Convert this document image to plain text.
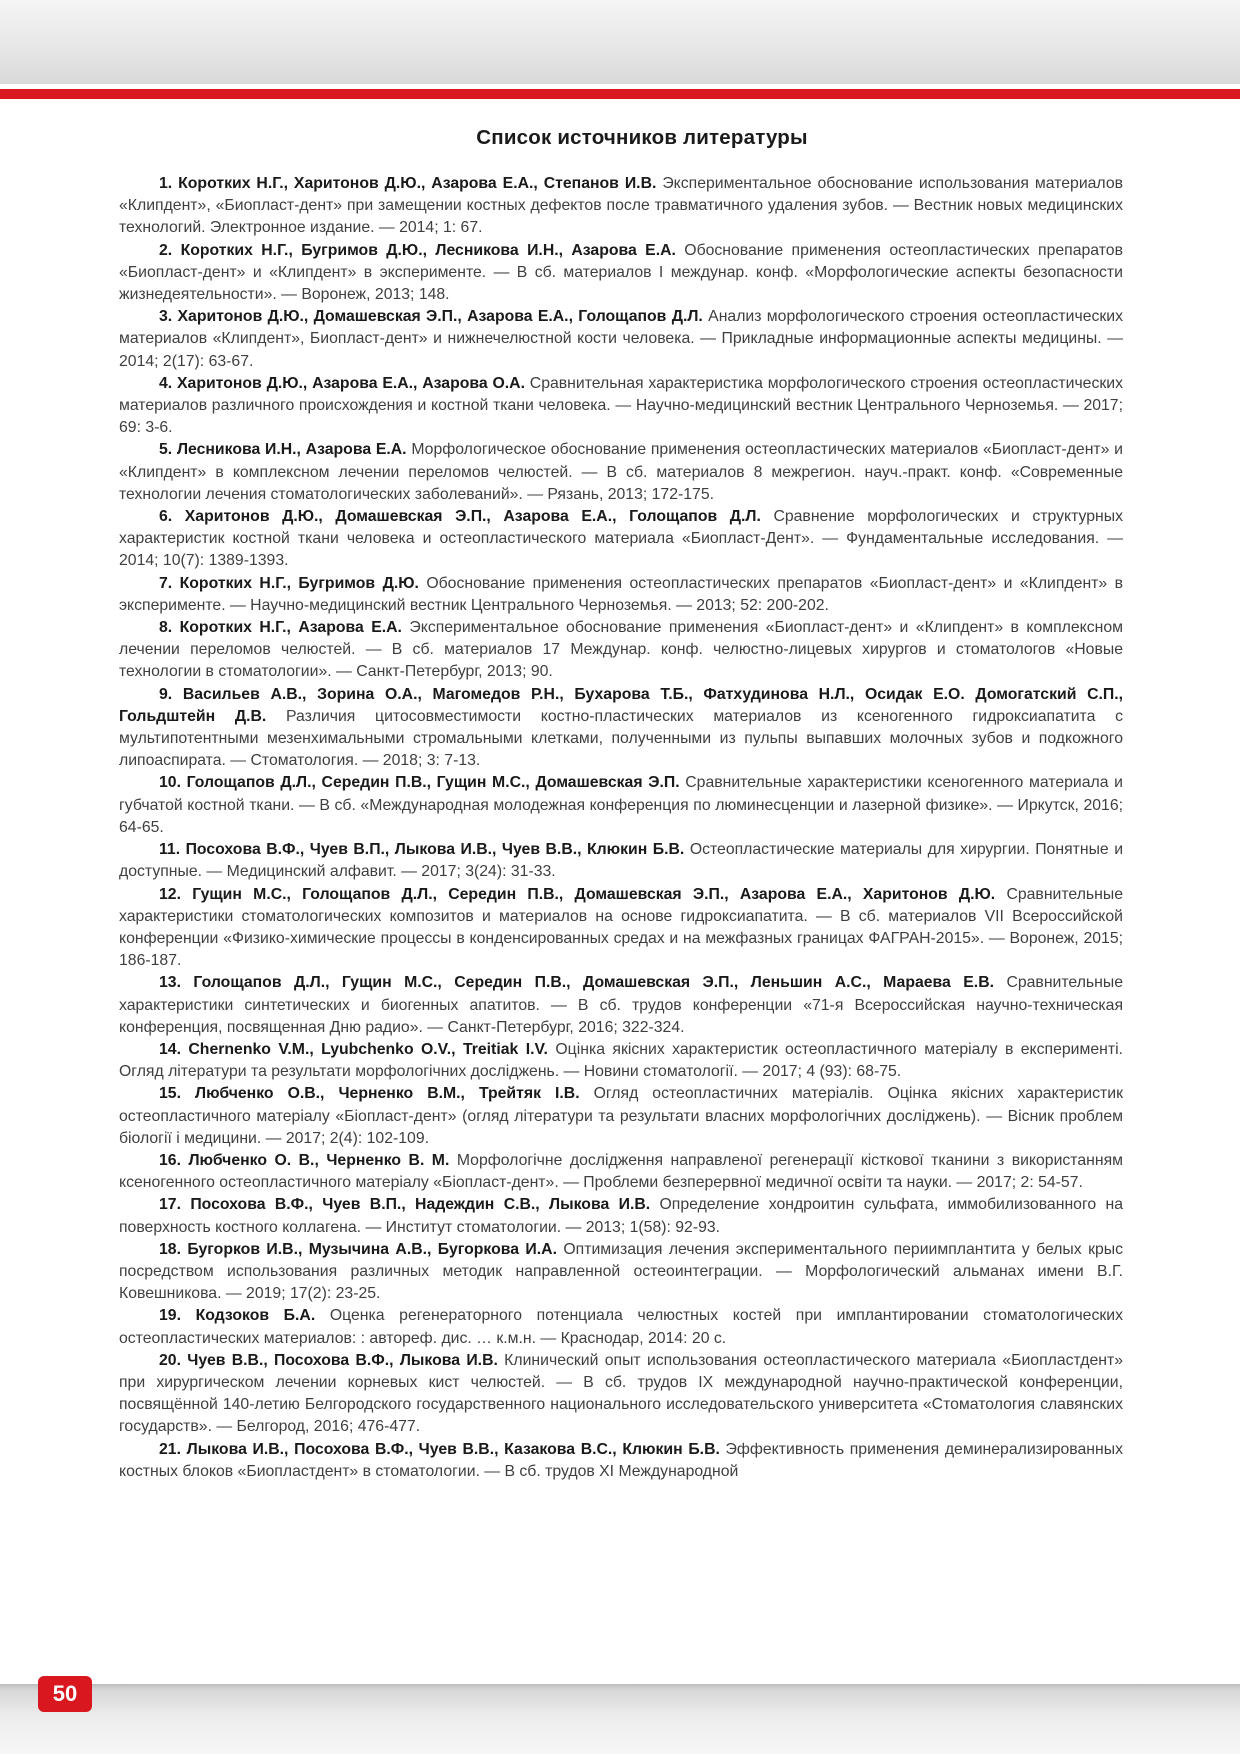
Список источников литературы

1. Коротких Н.Г., Харитонов Д.Ю., Азарова Е.А., Степанов И.В. Экспериментальное обоснование использования материалов «Клипдент», «Биопласт-дент» при замещении костных дефектов после травматичного удаления зубов. — Вестник новых медицинских технологий. Электронное издание. — 2014; 1: 67.

2. Коротких Н.Г., Бугримов Д.Ю., Лесникова И.Н., Азарова Е.А. Обоснование применения остеопластических препаратов «Биопласт-дент» и «Клипдент» в эксперименте. — В сб. материалов I междунар. конф. «Морфологические аспекты безопасности жизнедеятельности». — Воронеж, 2013; 148.

3. Харитонов Д.Ю., Домашевская Э.П., Азарова Е.А., Голощапов Д.Л. Анализ морфологического строения остеопластических материалов «Клипдент», Биопласт-дент» и нижнечелюстной кости человека. — Прикладные информационные аспекты медицины. — 2014; 2(17): 63-67.

4. Харитонов Д.Ю., Азарова Е.А., Азарова О.А. Сравнительная характеристика морфологического строения остеопластических материалов различного происхождения и костной ткани человека. — Научно-медицинский вестник Центрального Черноземья. — 2017; 69: 3-6.

5. Лесникова И.Н., Азарова Е.А. Морфологическое обоснование применения остеопластических материалов «Биопласт-дент» и «Клипдент» в комплексном лечении переломов челюстей. — В сб. материалов 8 межрегион. науч.-практ. конф. «Современные технологии лечения стоматологических заболеваний». — Рязань, 2013; 172-175.

6. Харитонов Д.Ю., Домашевская Э.П., Азарова Е.А., Голощапов Д.Л. Сравнение морфологических и структурных характеристик костной ткани человека и остеопластического материала «Биопласт-Дент». — Фундаментальные исследования. — 2014; 10(7): 1389-1393.

7. Коротких Н.Г., Бугримов Д.Ю. Обоснование применения остеопластических препаратов «Биопласт-дент» и «Клипдент» в эксперименте. — Научно-медицинский вестник Центрального Черноземья. — 2013; 52: 200-202.

8. Коротких Н.Г., Азарова Е.А. Экспериментальное обоснование применения «Биопласт-дент» и «Клипдент» в комплексном лечении переломов челюстей. — В сб. материалов 17 Междунар. конф. челюстно-лицевых хирургов и стоматологов «Новые технологии в стоматологии». — Санкт-Петербург, 2013; 90.

9. Васильев А.В., Зорина О.А., Магомедов Р.Н., Бухарова Т.Б., Фатхудинова Н.Л., Осидак Е.О. Домогатский С.П., Гольдштейн Д.В. Различия цитосовместимости костно-пластических материалов из ксеногенного гидроксиапатита с мультипотентными мезенхимальными стромальными клетками, полученными из пульпы выпавших молочных зубов и подкожного липоаспирата. — Стоматология. — 2018; 3: 7-13.

10. Голощапов Д.Л., Середин П.В., Гущин М.С., Домашевская Э.П. Сравнительные характеристики ксеногенного материала и губчатой костной ткани. — В сб. «Международная молодежная конференция по люминесценции и лазерной физике». — Иркутск, 2016; 64-65.

11. Посохова В.Ф., Чуев В.П., Лыкова И.В., Чуев В.В., Клюкин Б.В. Остеопластические материалы для хирургии. Понятные и доступные. — Медицинский алфавит. — 2017; 3(24): 31-33.

12. Гущин М.С., Голощапов Д.Л., Середин П.В., Домашевская Э.П., Азарова Е.А., Харитонов Д.Ю. Сравнительные характеристики стоматологических композитов и материалов на основе гидроксиапатита. — В сб. материалов VII Всероссийской конференции «Физико-химические процессы в конденсированных средах и на межфазных границах ФАГРАН-2015». — Воронеж, 2015; 186-187.

13. Голощапов Д.Л., Гущин М.С., Середин П.В., Домашевская Э.П., Леньшин А.С., Мараева Е.В. Сравнительные характеристики синтетических и биогенных апатитов. — В сб. трудов конференции «71-я Всероссийская научно-техническая конференция, посвященная Дню радио». — Санкт-Петербург, 2016; 322-324.

14. Chernenko V.M., Lyubchenko O.V., Treitiak I.V. Оцінка якісних характеристик остеопластичного матеріалу в експерименті. Огляд літератури та результати морфологічних досліджень. — Новини стоматології. — 2017; 4 (93): 68-75.

15. Любченко О.В., Черненко В.М., Трейтяк І.В. Огляд остеопластичних матеріалів. Оцінка якісних характеристик остеопластичного матеріалу «Біопласт-дент» (огляд літератури та результати власних морфологічних досліджень). — Вісник проблем біології і медицини. — 2017; 2(4): 102-109.

16. Любченко О. В., Черненко В. М. Морфологічне дослідження направленої регенерації кісткової тканини з використанням ксеногенного остеопластичного матеріалу «Біопласт-дент». — Проблеми безперервної медичної освіти та науки. — 2017; 2: 54-57.

17. Посохова В.Ф., Чуев В.П., Надеждин С.В., Лыкова И.В. Определение хондроитин сульфата, иммобилизованного на поверхность костного коллагена. — Институт стоматологии. — 2013; 1(58): 92-93.

18. Бугорков И.В., Музычина А.В., Бугоркова И.А. Оптимизация лечения экспериментального периимплантита у белых крыс посредством использования различных методик направленной остеоинтеграции. — Морфологический альманах имени В.Г. Ковешникова. — 2019; 17(2): 23-25.

19. Кодзоков Б.А. Оценка регенераторного потенциала челюстных костей при имплантировании стоматологических остеопластических материалов: : автореф. дис. … к.м.н. — Краснодар, 2014: 20 с.

20. Чуев В.В., Посохова В.Ф., Лыкова И.В. Клинический опыт использования остеопластического материала «Биопластдент» при хирургическом лечении корневых кист челюстей. — В сб. трудов IX международной научно-практической конференции, посвящённой 140-летию Белгородского государственного национального исследовательского университета «Стоматология славянских государств». — Белгород, 2016; 476-477.

21. Лыкова И.В., Посохова В.Ф., Чуев В.В., Казакова В.С., Клюкин Б.В. Эффективность применения деминерализированных костных блоков «Биопластдент» в стоматологии. — В сб. трудов XI Международной

50
